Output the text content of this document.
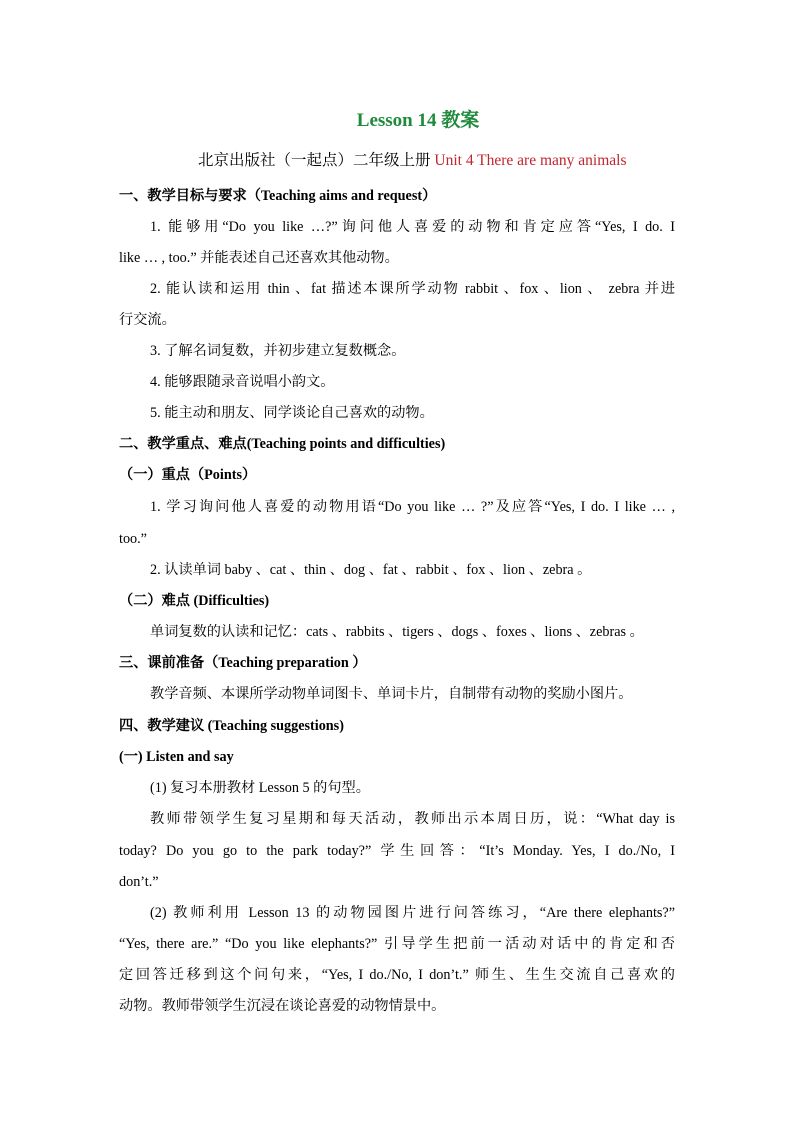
Lesson 14 教案
北京出版社（一起点）二年级上册 Unit 4 There are many animals
一、教学目标与要求（Teaching aims and request）
1. 能够用“Do you like …?”询问他人喜爱的动物和肯定应答“Yes, I do. I
like … , too.” 并能表述自己还喜欢其他动物。
2. 能认读和运用 thin 、fat 描述本课所学动物 rabbit 、fox 、lion 、 zebra 并进
行交流。
3. 了解名词复数，并初步建立复数概念。
4. 能够跟随录音说唱小韵文。
5. 能主动和朋友、同学谈论自己喜欢的动物。
二、教学重点、难点(Teaching points and difficulties)
（一）重点（Points）
1. 学习询问他人喜爱的动物用语“Do you like … ?”及应答“Yes, I do. I like … ,
too.”
2. 认读单词 baby 、cat 、thin 、dog 、fat 、rabbit 、fox 、lion 、zebra 。
（二）难点 (Difficulties)
单词复数的认读和记忆：cats 、rabbits 、tigers 、dogs 、foxes 、lions 、zebras 。
三、课前准备（Teaching preparation ）
教学音频、本课所学动物单词图卡、单词卡片，自制带有动物的奖励小图片。
四、教学建议 (Teaching suggestions)
(一) Listen and say
(1) 复习本册教材 Lesson 5 的句型。
教师带领学生复习星期和每天活动，教师出示本周日历，说：“What day is
today? Do you go to the park today?” 学生回答：“It’s Monday. Yes, I do./No, I
don’t.”
(2) 教师利用 Lesson 13 的动物园图片进行问答练习，“Are there elephants?”
“Yes, there are.” “Do you like elephants?” 引导学生把前一活动对话中的肯定和否
定回答迁移到这个问句来，“Yes, I do./No, I don’t.” 师生、生生交流自己喜欢的
动物。教师带领学生沉浸在谈论喜爱的动物情景中。
